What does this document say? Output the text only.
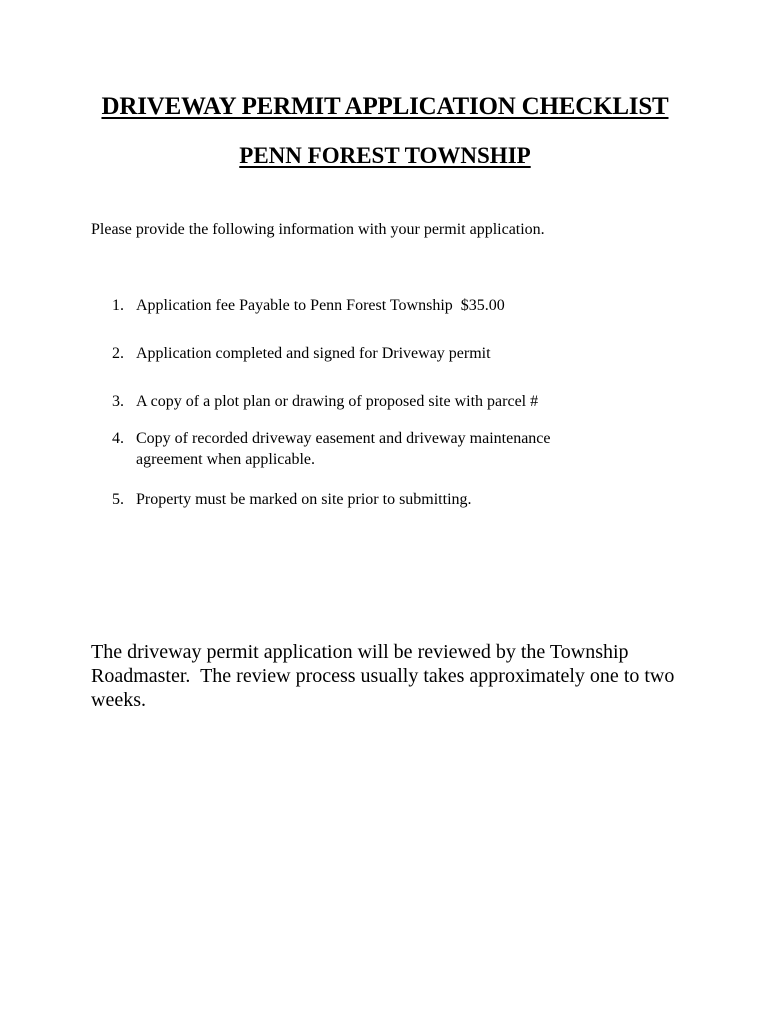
DRIVEWAY PERMIT APPLICATION CHECKLIST
PENN FOREST TOWNSHIP

Please provide the following information with your permit application.

1. Application fee Payable to Penn Forest Township  $35.00
2. Application completed and signed for Driveway permit
3. A copy of a plot plan or drawing of proposed site with parcel #
4. Copy of recorded driveway easement and driveway maintenance agreement when applicable.
5. Property must be marked on site prior to submitting.

The driveway permit application will be reviewed by the Township Roadmaster.  The review process usually takes approximately one to two weeks.
